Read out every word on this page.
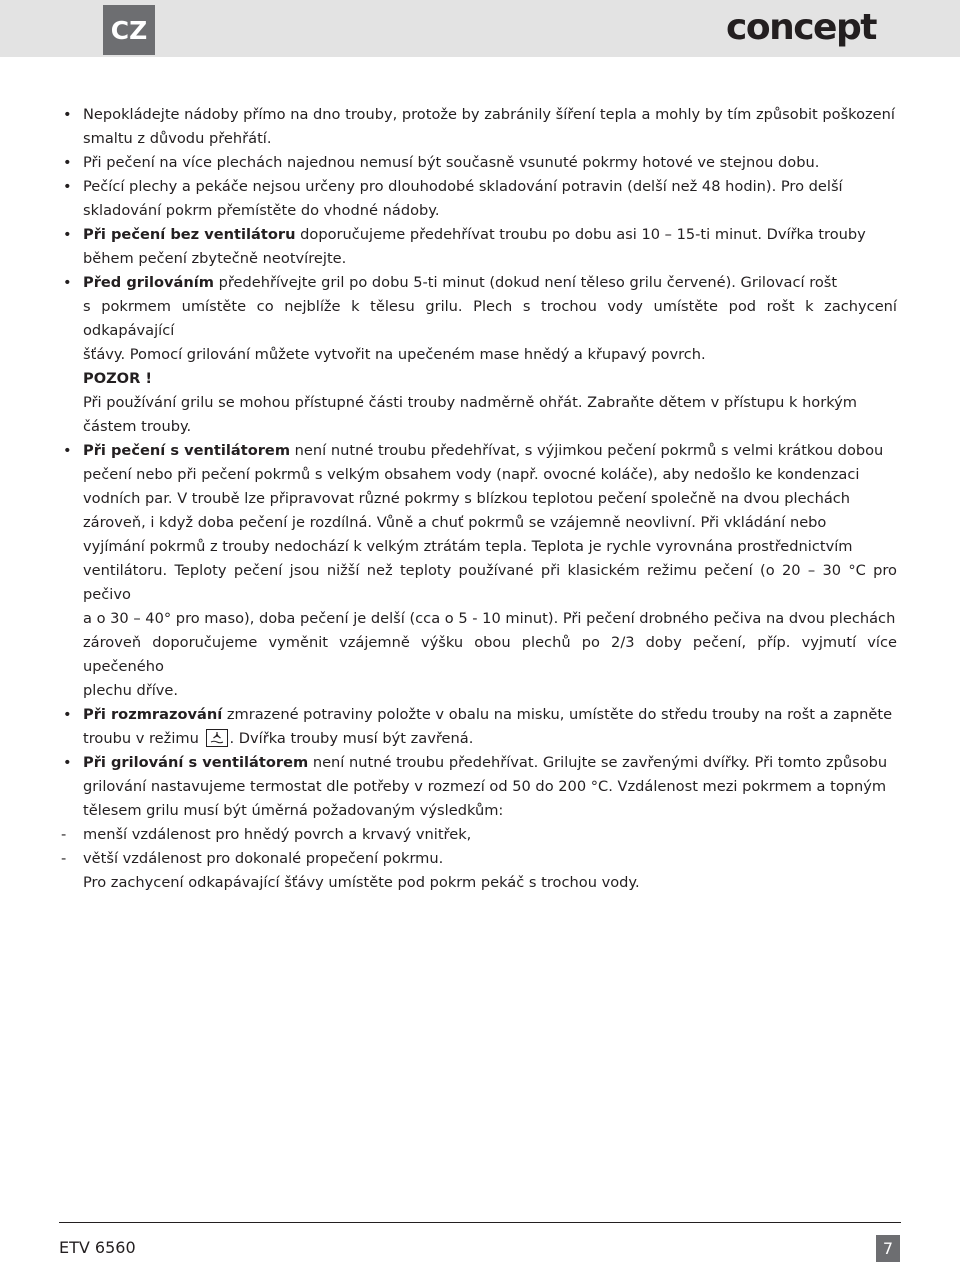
CZ	concept
• Nepokládejte nádoby přímo na dno trouby, protože by zabránily šíření tepla a mohly by tím způsobit poškození
smaltu z důvodu přehřátí.
• Při pečení na více plechách najednou nemusí být současně vsunuté pokrmy hotové ve stejnou dobu.
• Pečící plechy a pekáče nejsou určeny pro dlouhodobé skladování potravin (delší než 48 hodin). Pro delší
skladování pokrm přemístěte do vhodné nádoby.
• Při pečení bez ventilátoru doporučujeme předehřívat troubu po dobu asi 10 – 15-ti minut. Dvířka trouby
během pečení zbytečně neotvírejte.
• Před grilováním předehřívejte gril po dobu 5-ti minut (dokud není těleso grilu červené). Grilovací rošt
s pokrmem umístěte co nejblíže k tělesu grilu. Plech s trochou vody umístěte pod rošt k zachycení odkapávající
šťávy. Pomocí grilování můžete vytvořit na upečeném mase hnědý a křupavý povrch.
POZOR !
Při používání grilu se mohou přístupné části trouby nadměrně ohřát. Zabraňte dětem v přístupu k horkým
částem trouby.
• Při pečení s ventilátorem není nutné troubu předehřívat, s výjimkou pečení pokrmů s velmi krátkou dobou
pečení nebo při pečení pokrmů s velkým obsahem vody (např. ovocné koláče), aby nedošlo ke kondenzaci
vodních par. V troubě lze připravovat různé pokrmy s blízkou teplotou pečení společně na dvou plechách
zároveň, i když doba pečení je rozdílná. Vůně a chuť pokrmů se vzájemně neovlivní. Při vkládání nebo
vyjímání pokrmů z trouby nedochází k velkým ztrátám tepla. Teplota je rychle vyrovnána prostřednictvím
ventilátoru. Teploty pečení jsou nižší než teploty používané při klasickém režimu pečení (o 20 – 30 °C pro pečivo
a o 30 – 40° pro maso), doba pečení je delší (cca o 5 - 10 minut). Při pečení drobného pečiva na dvou plechách
zároveň doporučujeme vyměnit vzájemně výšku obou plechů po 2/3 doby pečení, příp. vyjmutí více upečeného
plechu dříve.
• Při rozmrazování zmrazené potraviny položte v obalu na misku, umístěte do středu trouby na rošt a zapněte
troubu v režimu . Dvířka trouby musí být zavřená.
• Při grilování s ventilátorem není nutné troubu předehřívat. Grilujte se zavřenými dvířky. Při tomto způsobu
grilování nastavujeme termostat dle potřeby v rozmezí od 50 do 200 °C. Vzdálenost mezi pokrmem a topným
tělesem grilu musí být úměrná požadovaným výsledkům:
-	menší vzdálenost pro hnědý povrch a krvavý vnitřek,
-	větší vzdálenost pro dokonalé propečení pokrmu.
Pro zachycení odkapávající šťávy umístěte pod pokrm pekáč s trochou vody.
ETV 6560	7
